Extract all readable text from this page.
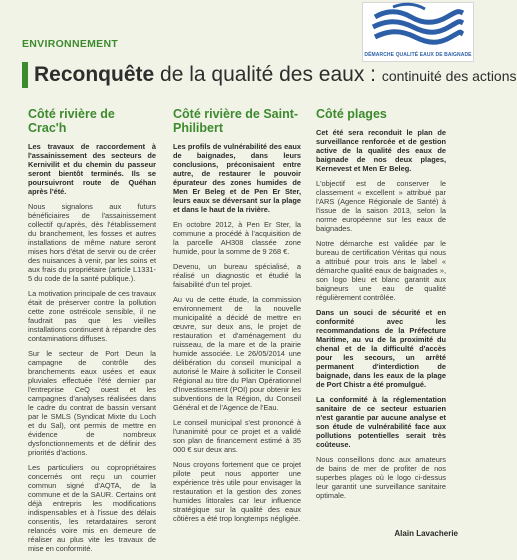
ENVIRONNEMENT
DÉMARCHE QUALITÉ EAUX DE BAIGNADE
Reconquête de la qualité des eaux : continuité des actions
Côté rivière de Crac'h

Les travaux de raccordement à l'assainissement des secteurs de Kernivilit et du chemin du passeur seront bientôt terminés. Ils se poursuivront route de Quéhan après l'été.

Nous signalons aux futurs bénéficiaires de l'assainissement collectif qu'après, dès l'établissement du branchement, les fosses et autres installations de même nature seront mises hors d'état de servir ou de créer des nuisances à venir, par les soins et aux frais du propriétaire (article L1331-5 du code de la santé publique.).

La motivation principale de ces travaux était de préserver contre la pollution cette zone ostréicole sensible, il ne faudrait pas que les vieilles installations continuent à répandre des contaminations diffuses.

Sur le secteur de Port Deun la campagne de contrôle des branchements eaux usées et eaux pluviales effectuée l'été dernier par l'entreprise CeQ ouest et les campagnes d'analyses réalisées dans le cadre du contrat de bassin versant par le SMLS (Syndicat Mixte du Loch et du Sal), ont permis de mettre en évidence de nombreux dysfonctionnements et de définir des priorités d'actions.

Les particuliers ou copropriétaires concernés ont reçu un courrier commun signé d'AQTA, de la commune et de la SAUR. Certains ont déjà entrepris les modifications indispensables et à l'issue des délais consentis, les retardataires seront relancés voire mis en demeure de réaliser au plus vite les travaux de mise en conformité.

Côté rivière de Saint-Philibert

Les profils de vulnérabilité des eaux de baignades, dans leurs conclusions, préconisaient entre autre, de restaurer le pouvoir épurateur des zones humides de Men Er Beleg et de Pen Er Ster, leurs eaux se déversant sur la plage et dans le haut de la rivière.

En octobre 2012, à Pen Er Ster, la commune a procédé à l'acquisition de la parcelle AH308 classée zone humide, pour la somme de 9 268 €.

Devenu, un bureau spécialisé, a réalisé un diagnostic et étudié la faisabilité d'un tel projet.

Au vu de cette étude, la commission environnement de la nouvelle municipalité a décidé de mettre en œuvre, sur deux ans, le projet de restauration et d'aménagement du ruisseau, de la mare et de la prairie humide associée. Le 26/05/2014 une délibération du conseil municipal a autorisé le Maire à solliciter le Conseil Régional au titre du Plan Opérationnel d'Investissement (POI) pour obtenir les subventions de la Région, du Conseil Général et de l'Agence de l'Eau.

Le conseil municipal s'est prononcé à l'unanimité pour ce projet et a validé son plan de financement estimé à 35 000 € sur deux ans.

Nous croyons fortement que ce projet pilote peut nous apporter une expérience très utile pour envisager la restauration et la gestion des zones humides littorales car leur influence stratégique sur la qualité des eaux côtières a été trop longtemps négligée.

Côté plages

Cet été sera reconduit le plan de surveillance renforcée et de gestion active de la qualité des eaux de baignade de nos deux plages, Kernevest et Men Er Beleg.

L'objectif est de conserver le classement « excellent » attribué par l'ARS (Agence Régionale de Santé) à l'issue de la saison 2013, selon la norme européenne sur les eaux de baignades.

Notre démarche est validée par le bureau de certification Véritas qui nous a attribué pour trois ans le label « démarche qualité eaux de baignades », son logo bleu et blanc garantit aux baigneurs une eau de qualité régulièrement contrôlée.

Dans un souci de sécurité et en conformité avec les recommandations de la Préfecture Maritime, au vu de la proximité du chenal et de la difficulté d'accès pour les secours, un arrêté permanent d'interdiction de baignade, dans les eaux de la plage de Port Chistr a été promulgué.

La conformité à la réglementation sanitaire de ce secteur estuarien n'est garantie par aucune analyse et son étude de vulnérabilité face aux pollutions potentielles serait très coûteuse.

Nous conseillons donc aux amateurs de bains de mer de profiter de nos superbes plages où le logo ci-dessus leur garantit une surveillance sanitaire optimale.

Alain Lavacherie
